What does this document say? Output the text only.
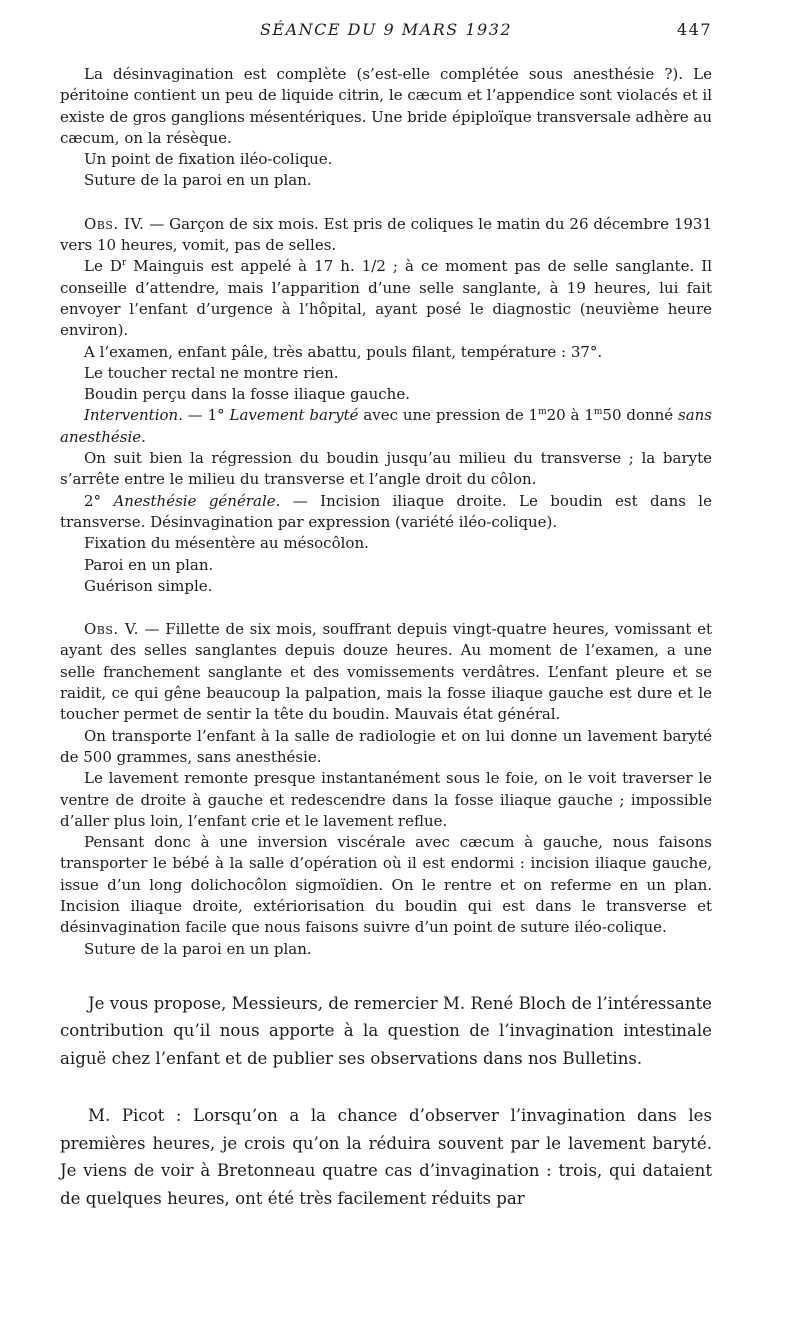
SÉANCE DU 9 MARS 1932	447

La désinvagination est complète (s’est-elle complétée sous anesthésie ?). Le péritoine contient un peu de liquide citrin, le cæcum et l’appendice sont violacés et il existe de gros ganglions mésentériques. Une bride épiploïque transversale adhère au cæcum, on la résèque.

Un point de fixation iléo-colique.

Suture de la paroi en un plan.

Obs. IV. — Garçon de six mois. Est pris de coliques le matin du 26 décembre 1931 vers 10 heures, vomit, pas de selles.

Le $D^r$ Mainguis est appelé à 17 h. 1/2 ; à ce moment pas de selle sanglante. Il conseille d’attendre, mais l’apparition d’une selle sanglante, à 19 heures, lui fait envoyer l’enfant d’urgence à l’hôpital, ayant posé le diagnostic (neuvième heure environ).

A l’examen, enfant pâle, très abattu, pouls filant, température : 37°.

Le toucher rectal ne montre rien.

Boudin perçu dans la fosse iliaque gauche.

Intervention. — 1° Lavement baryté avec une pression de 1$^m$20 à 1$^m$50 donné sans anesthésie.

On suit bien la régression du boudin jusqu’au milieu du transverse ; la baryte s’arrête entre le milieu du transverse et l’angle droit du côlon.

2° Anesthésie générale. — Incision iliaque droite. Le boudin est dans le transverse. Désinvagination par expression (variété iléo-colique).

Fixation du mésentère au mésocôlon.

Paroi en un plan.

Guérison simple.

Obs. V. — Fillette de six mois, souffrant depuis vingt-quatre heures, vomissant et ayant des selles sanglantes depuis douze heures. Au moment de l’examen, a une selle franchement sanglante et des vomissements verdâtres. L’enfant pleure et se raidit, ce qui gêne beaucoup la palpation, mais la fosse iliaque gauche est dure et le toucher permet de sentir la tête du boudin. Mauvais état général.

On transporte l’enfant à la salle de radiologie et on lui donne un lavement baryté de 500 grammes, sans anesthésie.

Le lavement remonte presque instantanément sous le foie, on le voit traverser le ventre de droite à gauche et redescendre dans la fosse iliaque gauche ; impossible d’aller plus loin, l’enfant crie et le lavement reflue.

Pensant donc à une inversion viscérale avec cæcum à gauche, nous faisons transporter le bébé à la salle d’opération où il est endormi : incision iliaque gauche, issue d’un long dolichocôlon sigmoïdien. On le rentre et on referme en un plan. Incision iliaque droite, extériorisation du boudin qui est dans le transverse et désinvagination facile que nous faisons suivre d’un point de suture iléo-colique.

Suture de la paroi en un plan.

Je vous propose, Messieurs, de remercier M. René Bloch de l’intéressante contribution qu’il nous apporte à la question de l’invagination intestinale aiguë chez l’enfant et de publier ses observations dans nos Bulletins.

M. Picot : Lorsqu’on a la chance d’observer l’invagination dans les premières heures, je crois qu’on la réduira souvent par le lavement baryté. Je viens de voir à Bretonneau quatre cas d’invagination : trois, qui dataient de quelques heures, ont été très facilement réduits par
